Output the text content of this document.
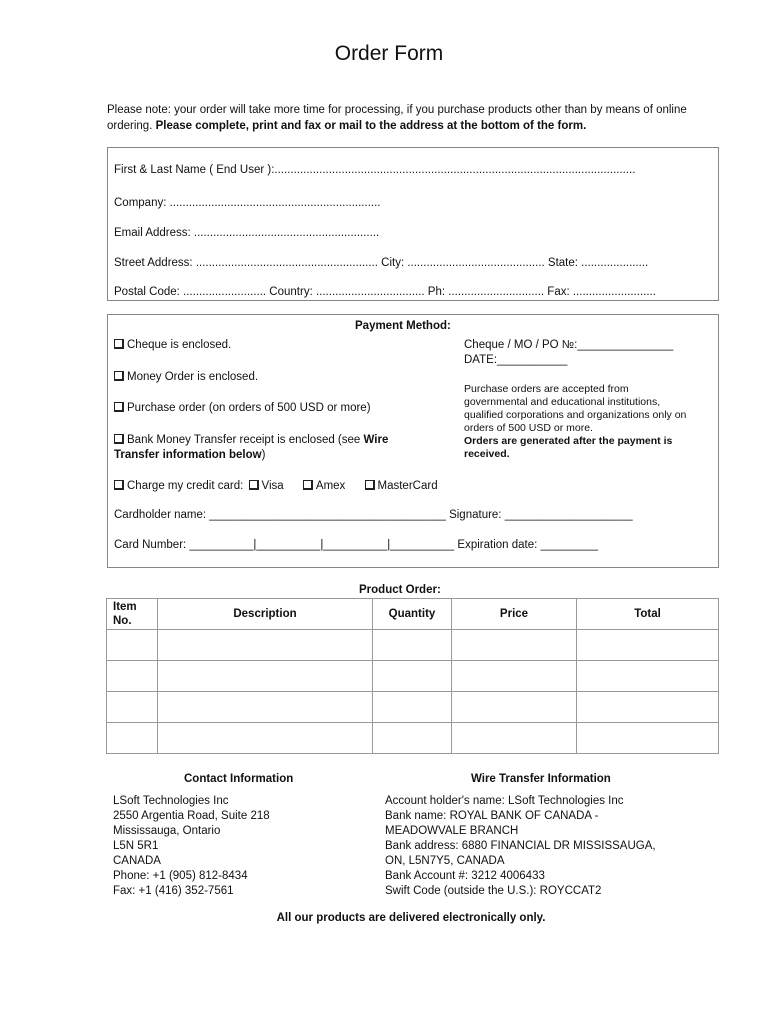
Order Form
Please note: your order will take more time for processing, if you purchase products other than by means of online ordering. Please complete, print and fax or mail to the address at the bottom of the form.
First & Last Name ( End User ):.................................................................................................................
Company: ..................................................................
Email Address: ..........................................................
Street Address: ......................................................... City: ........................................... State: .....................
Postal Code: .......................... Country: .................................. Ph: .............................. Fax: ..........................
Payment Method:
Cheque is enclosed.
Money Order is enclosed.
Purchase order (on orders of 500 USD or more)
Bank Money Transfer receipt is enclosed (see Wire
Transfer information below)
Cheque / MO / PO №:_______________
DATE:___________
Purchase orders are accepted from governmental and educational institutions, qualified corporations and organizations only on orders of 500 USD or more.
Orders are generated after the payment is received.
Charge my credit card: Visa	Amex	MasterCard
Cardholder name: _____________________________________ Signature: ____________________
Card Number: __________|__________|__________|__________ Expiration date: _________
Product Order:
Item No.	Description	Quantity	Price	Total

Contact Information
LSoft Technologies Inc
2550 Argentia Road, Suite 218
Mississauga, Ontario
L5N 5R1
CANADA
Phone: +1 (905) 812-8434
Fax: +1 (416) 352-7561
Wire Transfer Information
Account holder's name: LSoft Technologies Inc
Bank name: ROYAL BANK OF CANADA -
MEADOWVALE BRANCH
Bank address: 6880 FINANCIAL DR MISSISSAUGA,
ON, L5N7Y5, CANADA
Bank Account #: 3212 4006433
Swift Code (outside the U.S.): ROYCCAT2
All our products are delivered electronically only.
